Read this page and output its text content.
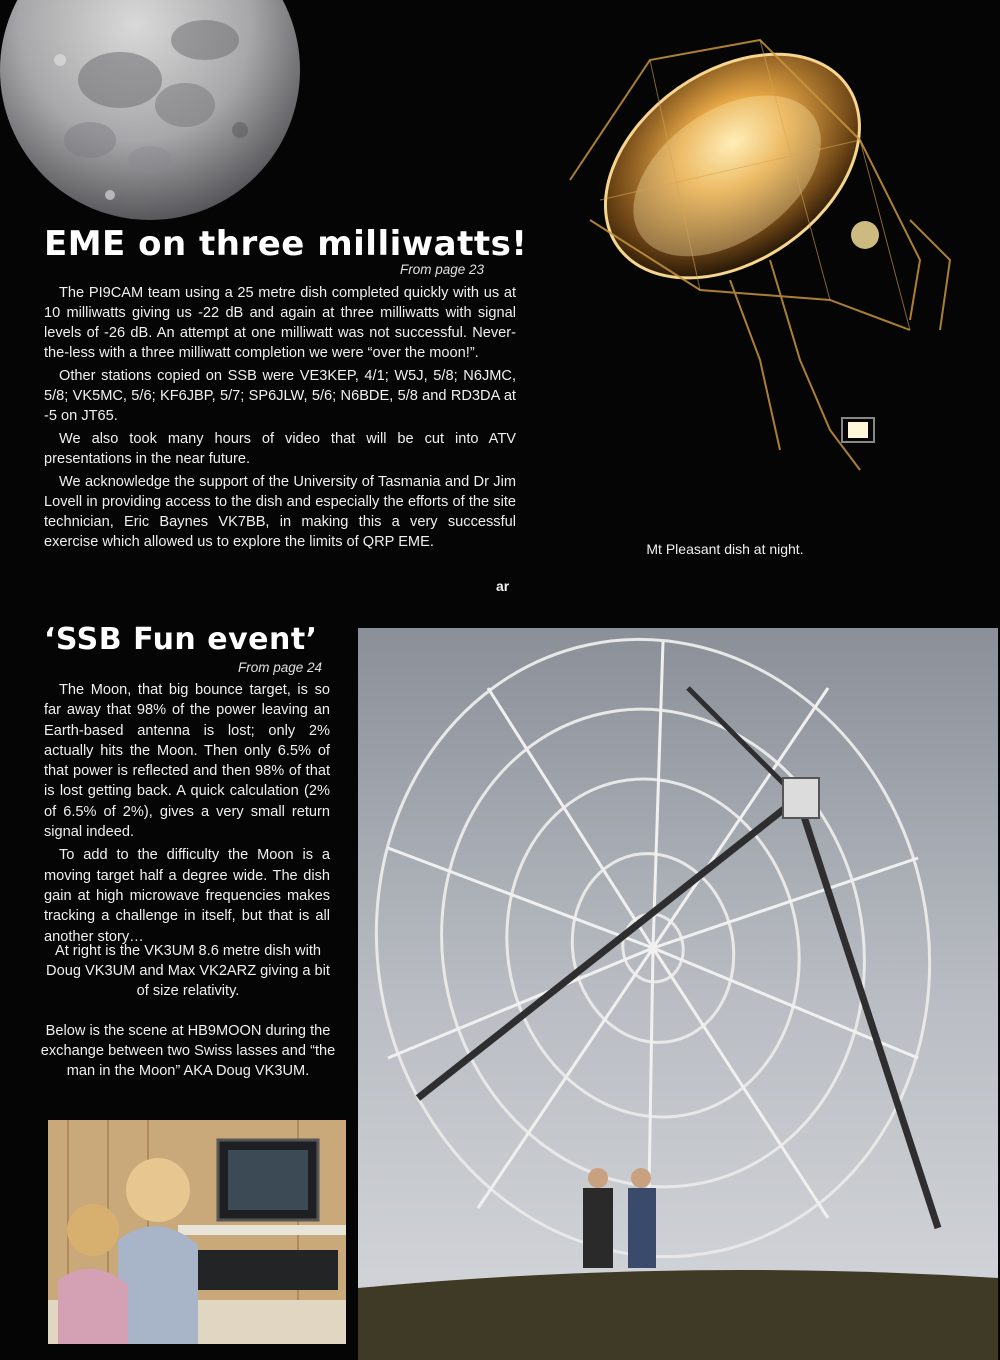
EME on three milliwatts!
From page 23

The PI9CAM team using a 25 metre dish completed quickly with us at 10 milliwatts giving us -22 dB and again at three milliwatts with signal levels of -26 dB. An attempt at one milliwatt was not successful. Never-the-less with a three milliwatt completion we were “over the moon!”.

Other stations copied on SSB were VE3KEP, 4/1; W5J, 5/8; N6JMC, 5/8; VK5MC, 5/6; KF6JBP, 5/7; SP6JLW, 5/6; N6BDE, 5/8 and RD3DA at -5 on JT65.

We also took many hours of video that will be cut into ATV presentations in the near future.

We acknowledge the support of the University of Tasmania and Dr Jim Lovell in providing access to the dish and especially the efforts of the site technician, Eric Baynes VK7BB, in making this a very successful exercise which allowed us to explore the limits of QRP EME.

ar
Mt Pleasant dish at night.
‘SSB Fun event’
From page 24

The Moon, that big bounce target, is so far away that 98% of the power leaving an Earth-based antenna is lost; only 2% actually hits the Moon. Then only 6.5% of that power is reflected and then 98% of that is lost getting back. A quick calculation (2% of 6.5% of 2%), gives a very small return signal indeed.

To add to the difficulty the Moon is a moving target half a degree wide. The dish gain at high microwave frequencies makes tracking a challenge in itself, but that is all another story…

At right is the VK3UM 8.6 metre dish with Doug VK3UM and Max VK2ARZ giving a bit of size relativity.
Below is the scene at HB9MOON during the exchange between two Swiss lasses and “the man in the Moon” AKA Doug VK3UM.
